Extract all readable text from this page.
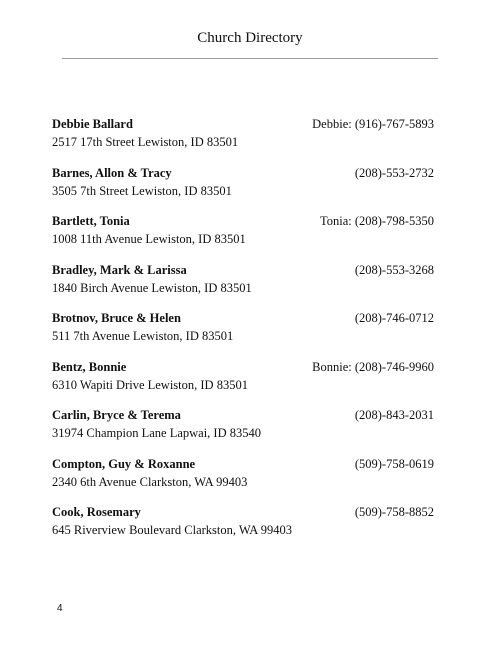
Church Directory
Debbie Ballard	Debbie: (916)-767-5893
2517 17th Street Lewiston, ID 83501
Barnes, Allon & Tracy	(208)-553-2732
3505 7th Street Lewiston, ID 83501
Bartlett, Tonia	Tonia: (208)-798-5350
1008 11th Avenue Lewiston, ID 83501
Bradley, Mark & Larissa	(208)-553-3268
1840 Birch Avenue Lewiston, ID 83501
Brotnov, Bruce & Helen	(208)-746-0712
511 7th Avenue Lewiston, ID 83501
Bentz, Bonnie	Bonnie: (208)-746-9960
6310 Wapiti Drive Lewiston, ID 83501
Carlin, Bryce & Terema	(208)-843-2031
31974 Champion Lane Lapwai, ID 83540
Compton, Guy & Roxanne	(509)-758-0619
2340 6th Avenue Clarkston, WA 99403
Cook, Rosemary	(509)-758-8852
645 Riverview Boulevard Clarkston, WA 99403
4
